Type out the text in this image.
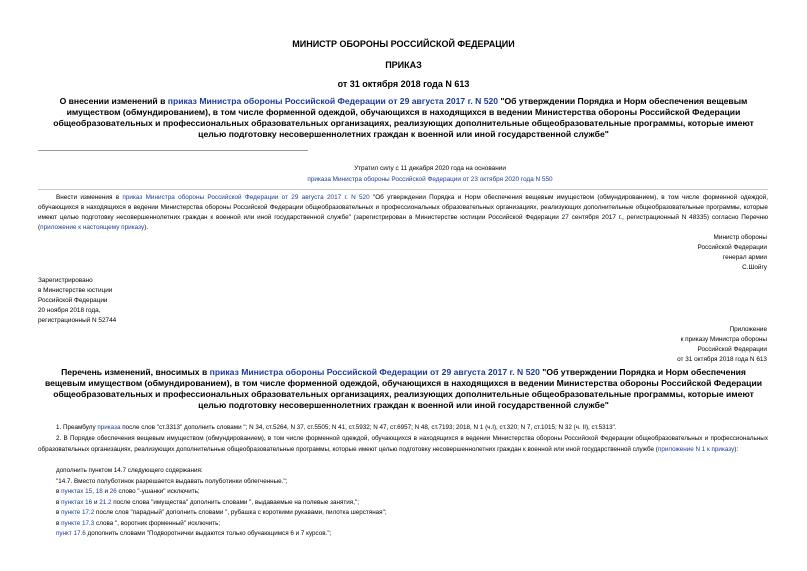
МИНИСТР ОБОРОНЫ РОССИЙСКОЙ ФЕДЕРАЦИИ
ПРИКАЗ
от 31 октября 2018 года N 613
О внесении изменений в приказ Министра обороны Российской Федерации от 29 августа 2017 г. N 520 "Об утверждении Порядка и Норм обеспечения вещевым имуществом (обмундированием), в том числе форменной одеждой, обучающихся в находящихся в ведении Министерства обороны Российской Федерации общеобразовательных и профессиональных образовательных организациях, реализующих дополнительные общеобразовательные программы, которые имеют целью подготовку несовершеннолетних граждан к военной или иной государственной службе"
Утратил силу с 11 декабря 2020 года на основании
приказа Министра обороны Российской Федерации от 23 октября 2020 года N 550
Внести изменения в приказ Министра обороны Российской Федерации от 29 августа 2017 г. N 520 "Об утверждении Порядка и Норм обеспечения вещевым имуществом (обмундированием), в том числе форменной одеждой, обучающихся в находящихся в ведении Министерства обороны Российской Федерации общеобразовательных и профессиональных образовательных организациях, реализующих дополнительные общеобразовательные программы, которые имеют целью подготовку несовершеннолетних граждан к военной или иной государственной службе" (зарегистрирован в Министерстве юстиции Российской Федерации 27 сентября 2017 г., регистрационный N 48335) согласно Перечню (приложение к настоящему приказу).
Министр обороны
Российской Федерации
генерал армии
С.Шойгу
Зарегистрировано
в Министерстве юстиции
Российской Федерации
20 ноября 2018 года,
регистрационный N 52744
Приложение
к приказу Министра обороны
Российской Федерации
от 31 октября 2018 года N 613
Перечень изменений, вносимых в приказ Министра обороны Российской Федерации от 29 августа 2017 г. N 520 "Об утверждении Порядка и Норм обеспечения вещевым имуществом (обмундированием), в том числе форменной одеждой, обучающихся в находящихся в ведении Министерства обороны Российской Федерации общеобразовательных и профессиональных образовательных организациях, реализующих дополнительные общеобразовательные программы, которые имеют целью подготовку несовершеннолетних граждан к военной или иной государственной службе"
1. Преамбулу приказа после слов "ст.3313" дополнить словами "; N 34, ст.5264, N 37, ст.5505; N 41, ст.5932; N 47, ст.6957; N 48, ст.7193; 2018, N 1 (ч.I), ст.320; N 7, ст.1015; N 32 (ч. II), ст.5313".
2. В Порядке обеспечения вещевым имуществом (обмундированием), в том числе форменной одеждой, обучающихся в находящихся в ведении Министерства обороны Российской Федерации общеобразовательных и профессиональных образовательных организациях, реализующих дополнительные общеобразовательные программы, которые имеют целью подготовку несовершеннолетних граждан к военной или иной государственной службе (приложение N 1 к приказу):
дополнить пунктом 14.7 следующего содержания:
"14.7. Вместо полуботинок разрешается выдавать полуботинки облегченные.";
в пунктах 15, 18 и 26 слово "-ушанки" исключить;
в пунктах 16 и 21.2 после слова "имущества" дополнить словами ", выдаваемые на полевые занятия,";
в пункте 17.2 после слов "парадный" дополнить словами ", рубашка с короткими рукавами, пилотка шерстяная";
в пункте 17.3 слова ", воротник форменный" исключить;
пункт 17.6 дополнить словами "Подворотнички выдаются только обучающимся 6 и 7 курсов.";
